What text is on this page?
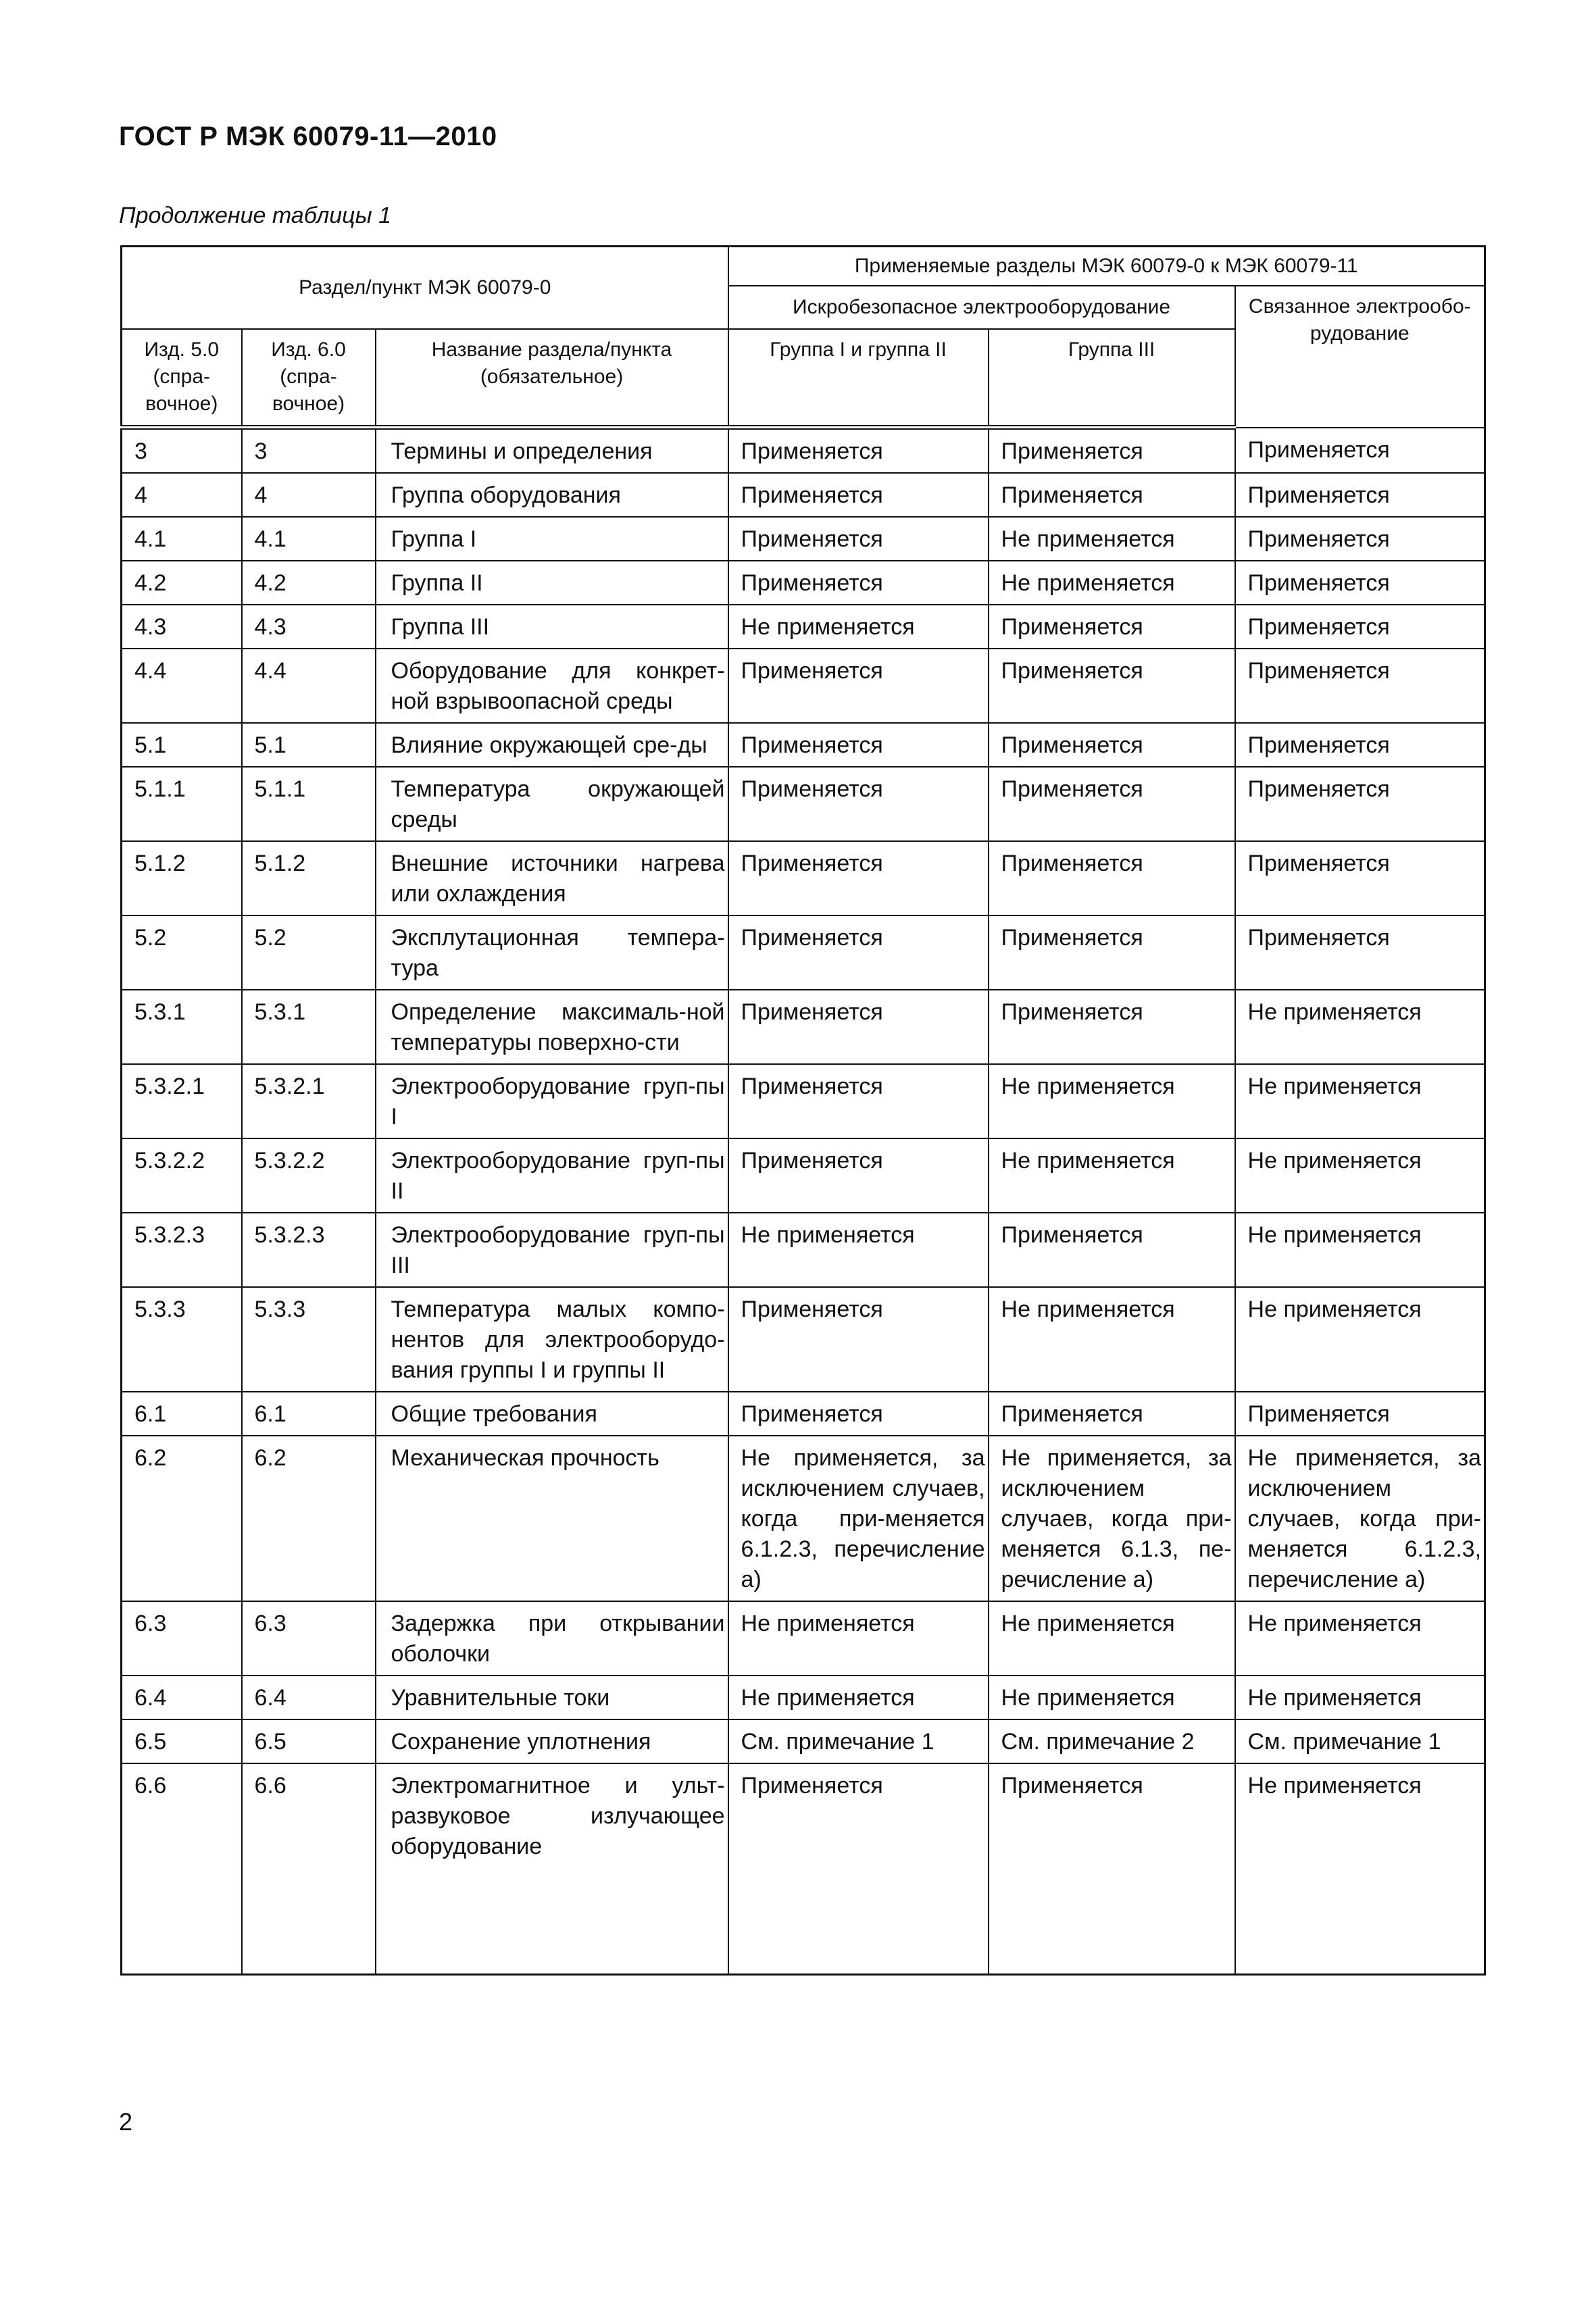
ГОСТ Р МЭК 60079-11—2010
Продолжение таблицы 1
Раздел/пункт МЭК 60079-0			Применяемые разделы МЭК 60079-0 к МЭК 60079-11		
			Искробезопасное электрооборудование		Связанное электрообо-рудование
Изд. 5.0 (спра-вочное)	Изд. 6.0 (спра-вочное)	Название раздела/пункта (обязательное)	Группа I и группа II	Группа III	
3	3	Термины и определения	Применяется	Применяется	Применяется
4	4	Группа оборудования	Применяется	Применяется	Применяется
4.1	4.1	Группа I	Применяется	Не применяется	Применяется
4.2	4.2	Группа II	Применяется	Не применяется	Применяется
4.3	4.3	Группа III	Не применяется	Применяется	Применяется
4.4	4.4	Оборудование для конкрет-ной взрывоопасной среды	Применяется	Применяется	Применяется
5.1	5.1	Влияние окружающей сре-ды	Применяется	Применяется	Применяется
5.1.1	5.1.1	Температура окружающей среды	Применяется	Применяется	Применяется
5.1.2	5.1.2	Внешние источники нагрева или охлаждения	Применяется	Применяется	Применяется
5.2	5.2	Эксплутационная темпера-тура	Применяется	Применяется	Применяется
5.3.1	5.3.1	Определение максималь-ной температуры поверхно-сти	Применяется	Применяется	Не применяется
5.3.2.1	5.3.2.1	Электрооборудование груп-пы I	Применяется	Не применяется	Не применяется
5.3.2.2	5.3.2.2	Электрооборудование груп-пы II	Применяется	Не применяется	Не применяется
5.3.2.3	5.3.2.3	Электрооборудование груп-пы III	Не применяется	Применяется	Не применяется
5.3.3	5.3.3	Температура малых компо-нентов для электрооборудо-вания группы I и группы II	Применяется	Не применяется	Не применяется
6.1	6.1	Общие требования	Применяется	Применяется	Применяется
6.2	6.2	Механическая прочность	Не применяется, за исключением случаев, когда при-меняется 6.1.2.3, перечисление а)	Не применяется, за исключением случаев, когда при-меняется 6.1.3, пе-речисление а)	Не применяется, за исключением случаев, когда при-меняется 6.1.2.3, перечисление а)
6.3	6.3	Задержка при открывании оболочки	Не применяется	Не применяется	Не применяется
6.4	6.4	Уравнительные токи	Не применяется	Не применяется	Не применяется
6.5	6.5	Сохранение уплотнения	См. примечание 1	См. примечание 2	См. примечание 1
6.6	6.6	Электромагнитное и ульт-развуковое излучающее оборудование	Применяется	Применяется	Не применяется
2
